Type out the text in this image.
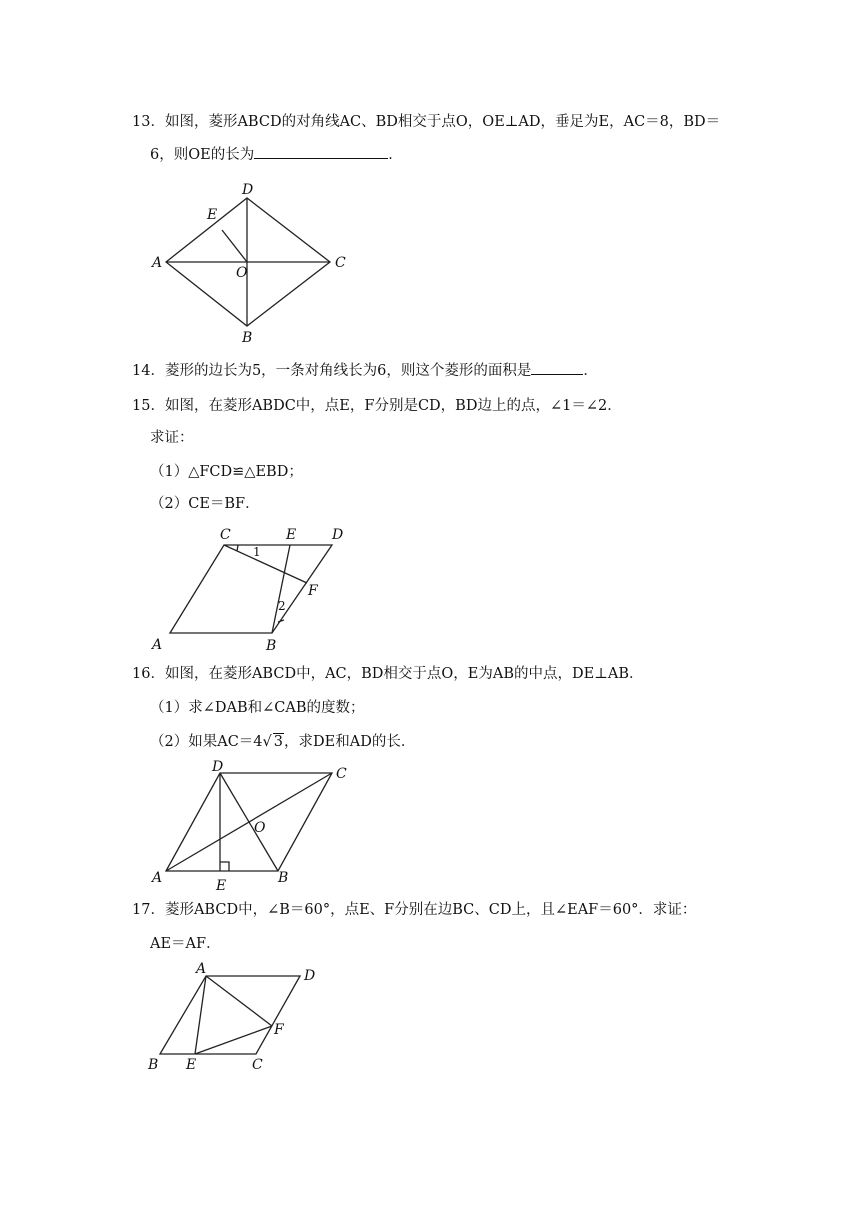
13．如图，菱形ABCD的对角线AC、BD相交于点O，OE⊥AD，垂足为E，AC＝8，BD＝
6，则OE的长为	．
A
B
C
D
E
O
14．菱形的边长为5，一条对角线长为6，则这个菱形的面积是	．
15．如图，在菱形ABDC中，点E，F分别是CD，BD边上的点，∠1＝∠2．
求证：
（1）△FCD≌△EBD；
（2）CE＝BF．
A	B
C	D
E
F
1
2
16．如图，在菱形ABCD中，AC，BD相交于点O，E为AB的中点，DE⊥AB．
（1）求∠DAB和∠CAB的度数；
（2）如果AC＝4√ 3，求DE和AD的长．
A	B
C
D
E
O
17．菱形ABCD中，∠B＝60°，点E、F分别在边BC、CD上，且∠EAF＝60°．求证：
AE＝AF．
A
B	C
D
E
F
